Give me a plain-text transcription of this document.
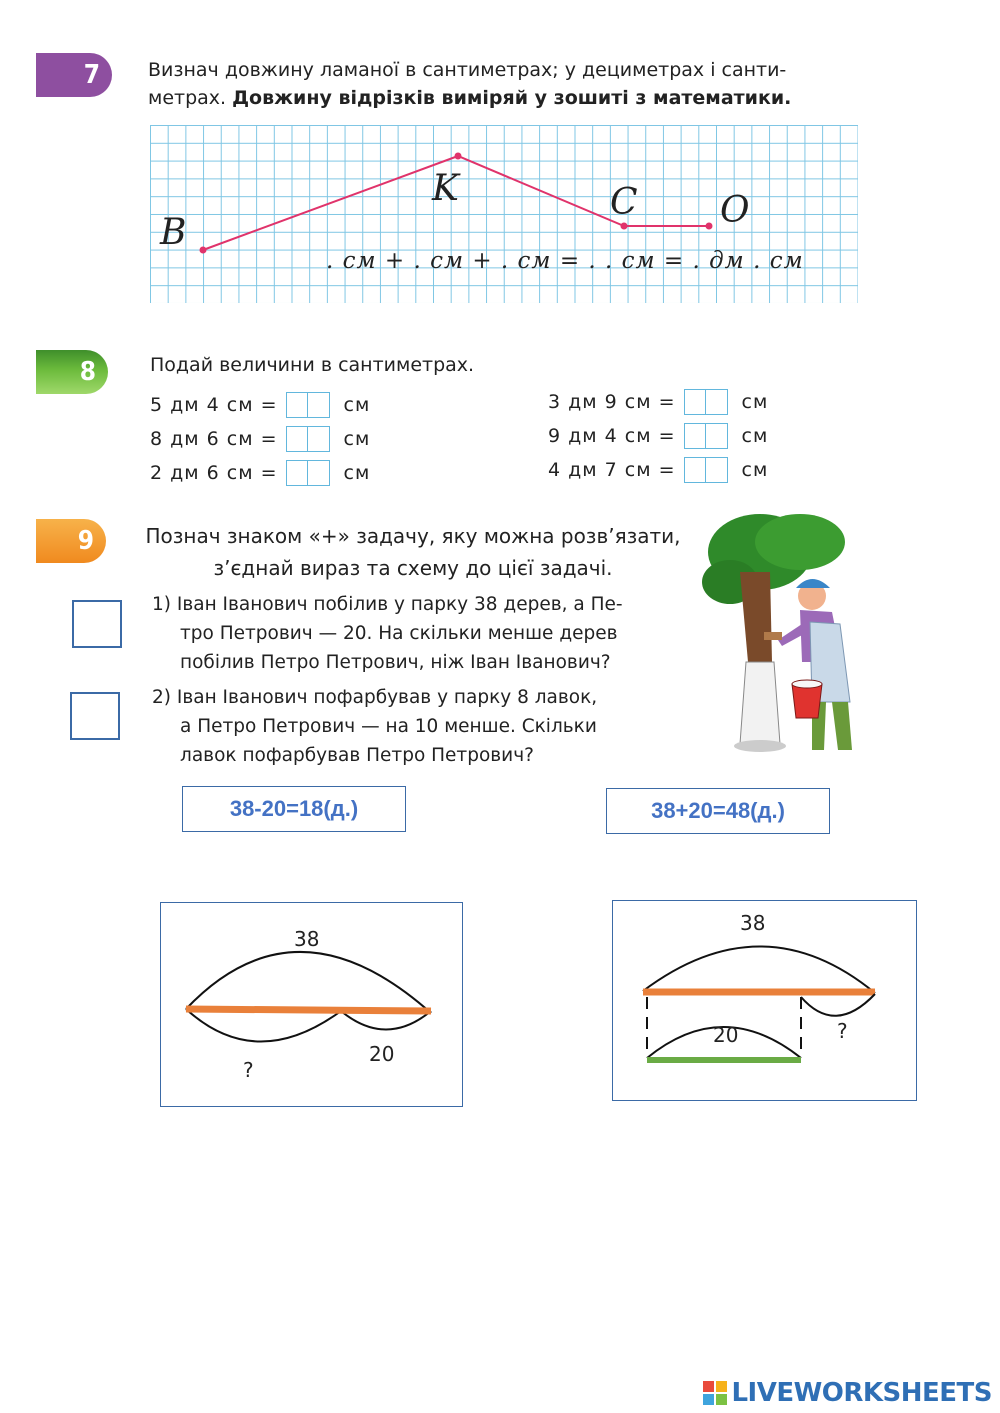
7	Визнач довжину ламаної в сантиметрах; у дециметрах і санти-
метрах. Довжину відрізків виміряй у зошиті з математики.
B
K	C O
. см + . см + . см = . . см = . дм . см
8	Подай величини в сантиметрах.
5 дм 4 см =	см
8 дм 6 см =	см
2 дм 6 см =	см
3 дм 9 см =	см
9 дм 4 см =	см
4 дм 7 см =	см
9	Познач знаком «+» задачу, яку можна розв’язати,
з’єднай вираз та схему до цієї задачі.
1) Іван Іванович побілив у парку 38 дерев, а Пе-
тро Петрович — 20. На скільки менше дерев
побілив Петро Петрович, ніж Іван Іванович?
2) Іван Іванович пофарбував у парку 8 лавок,
а Петро Петрович — на 10 менше. Скільки
лавок пофарбував Петро Петрович?
38-20=18(д.)	38+20=48(д.)
38
20
?
38
20	?
LIVEWORKSHEETS
